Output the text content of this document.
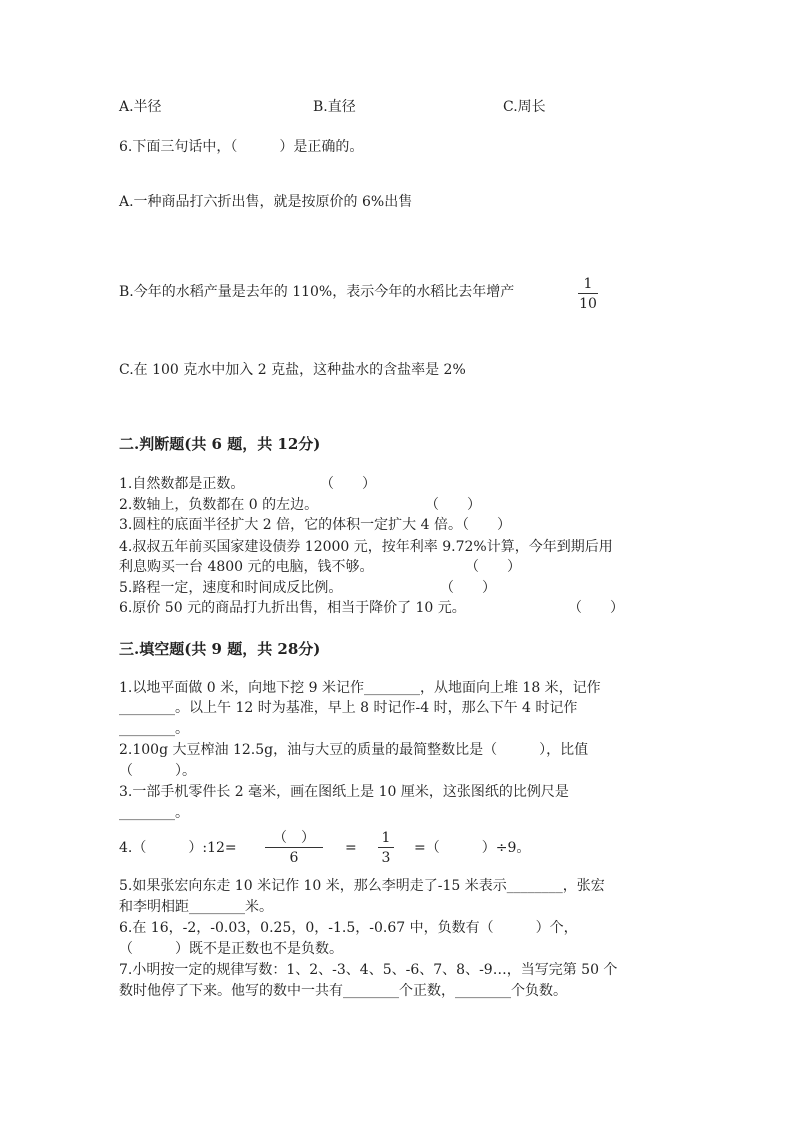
A.半径	B.直径	C.周长
6.下面三句话中，（　　　）是正确的。
A.一种商品打六折出售，就是按原价的 6%出售
B.今年的水稻产量是去年的 110%，表示今年的水稻比去年增产	1
10
C.在 100 克水中加入 2 克盐，这种盐水的含盐率是 2%
二.判断题(共 6 题，共 12分)
1.自然数都是正数。	（　　）
2.数轴上，负数都在 0 的左边。	（　　）
3.圆柱的底面半径扩大 2 倍，它的体积一定扩大 4 倍。（　　）
4.叔叔五年前买国家建设债券 12000 元，按年利率 9.72%计算，今年到期后用
利息购买一台 4800 元的电脑，钱不够。	（　　）
5.路程一定，速度和时间成反比例。	（　　）
6.原价 50 元的商品打九折出售，相当于降价了 10 元。	（　　）
三.填空题(共 9 题，共 28分)
1.以地平面做 0 米，向地下挖 9 米记作________，从地面向上堆 18 米，记作
________。以上午 12 时为基准，早上 8 时记作-4 时，那么下午 4 时记作
________。
2.100g 大豆榨油 12.5g，油与大豆的质量的最简整数比是（　　　），比值
（　　　）。
3.一部手机零件长 2 毫米，画在图纸上是 10 厘米，这张图纸的比例尺是
________。
4.（　　　）:12=
（　）
6
=
1
3
=（　　　）÷9。
5.如果张宏向东走 10 米记作 10 米，那么李明走了-15 米表示________，张宏
和李明相距________米。
6.在 16，-2，-0.03，0.25，0，-1.5，-0.67 中，负数有（　　　）个，
（　　　）既不是正数也不是负数。
7.小明按一定的规律写数：1、2、-3、4、5、-6、7、8、-9…，当写完第 50 个
数时他停了下来。他写的数中一共有________个正数，________个负数。
